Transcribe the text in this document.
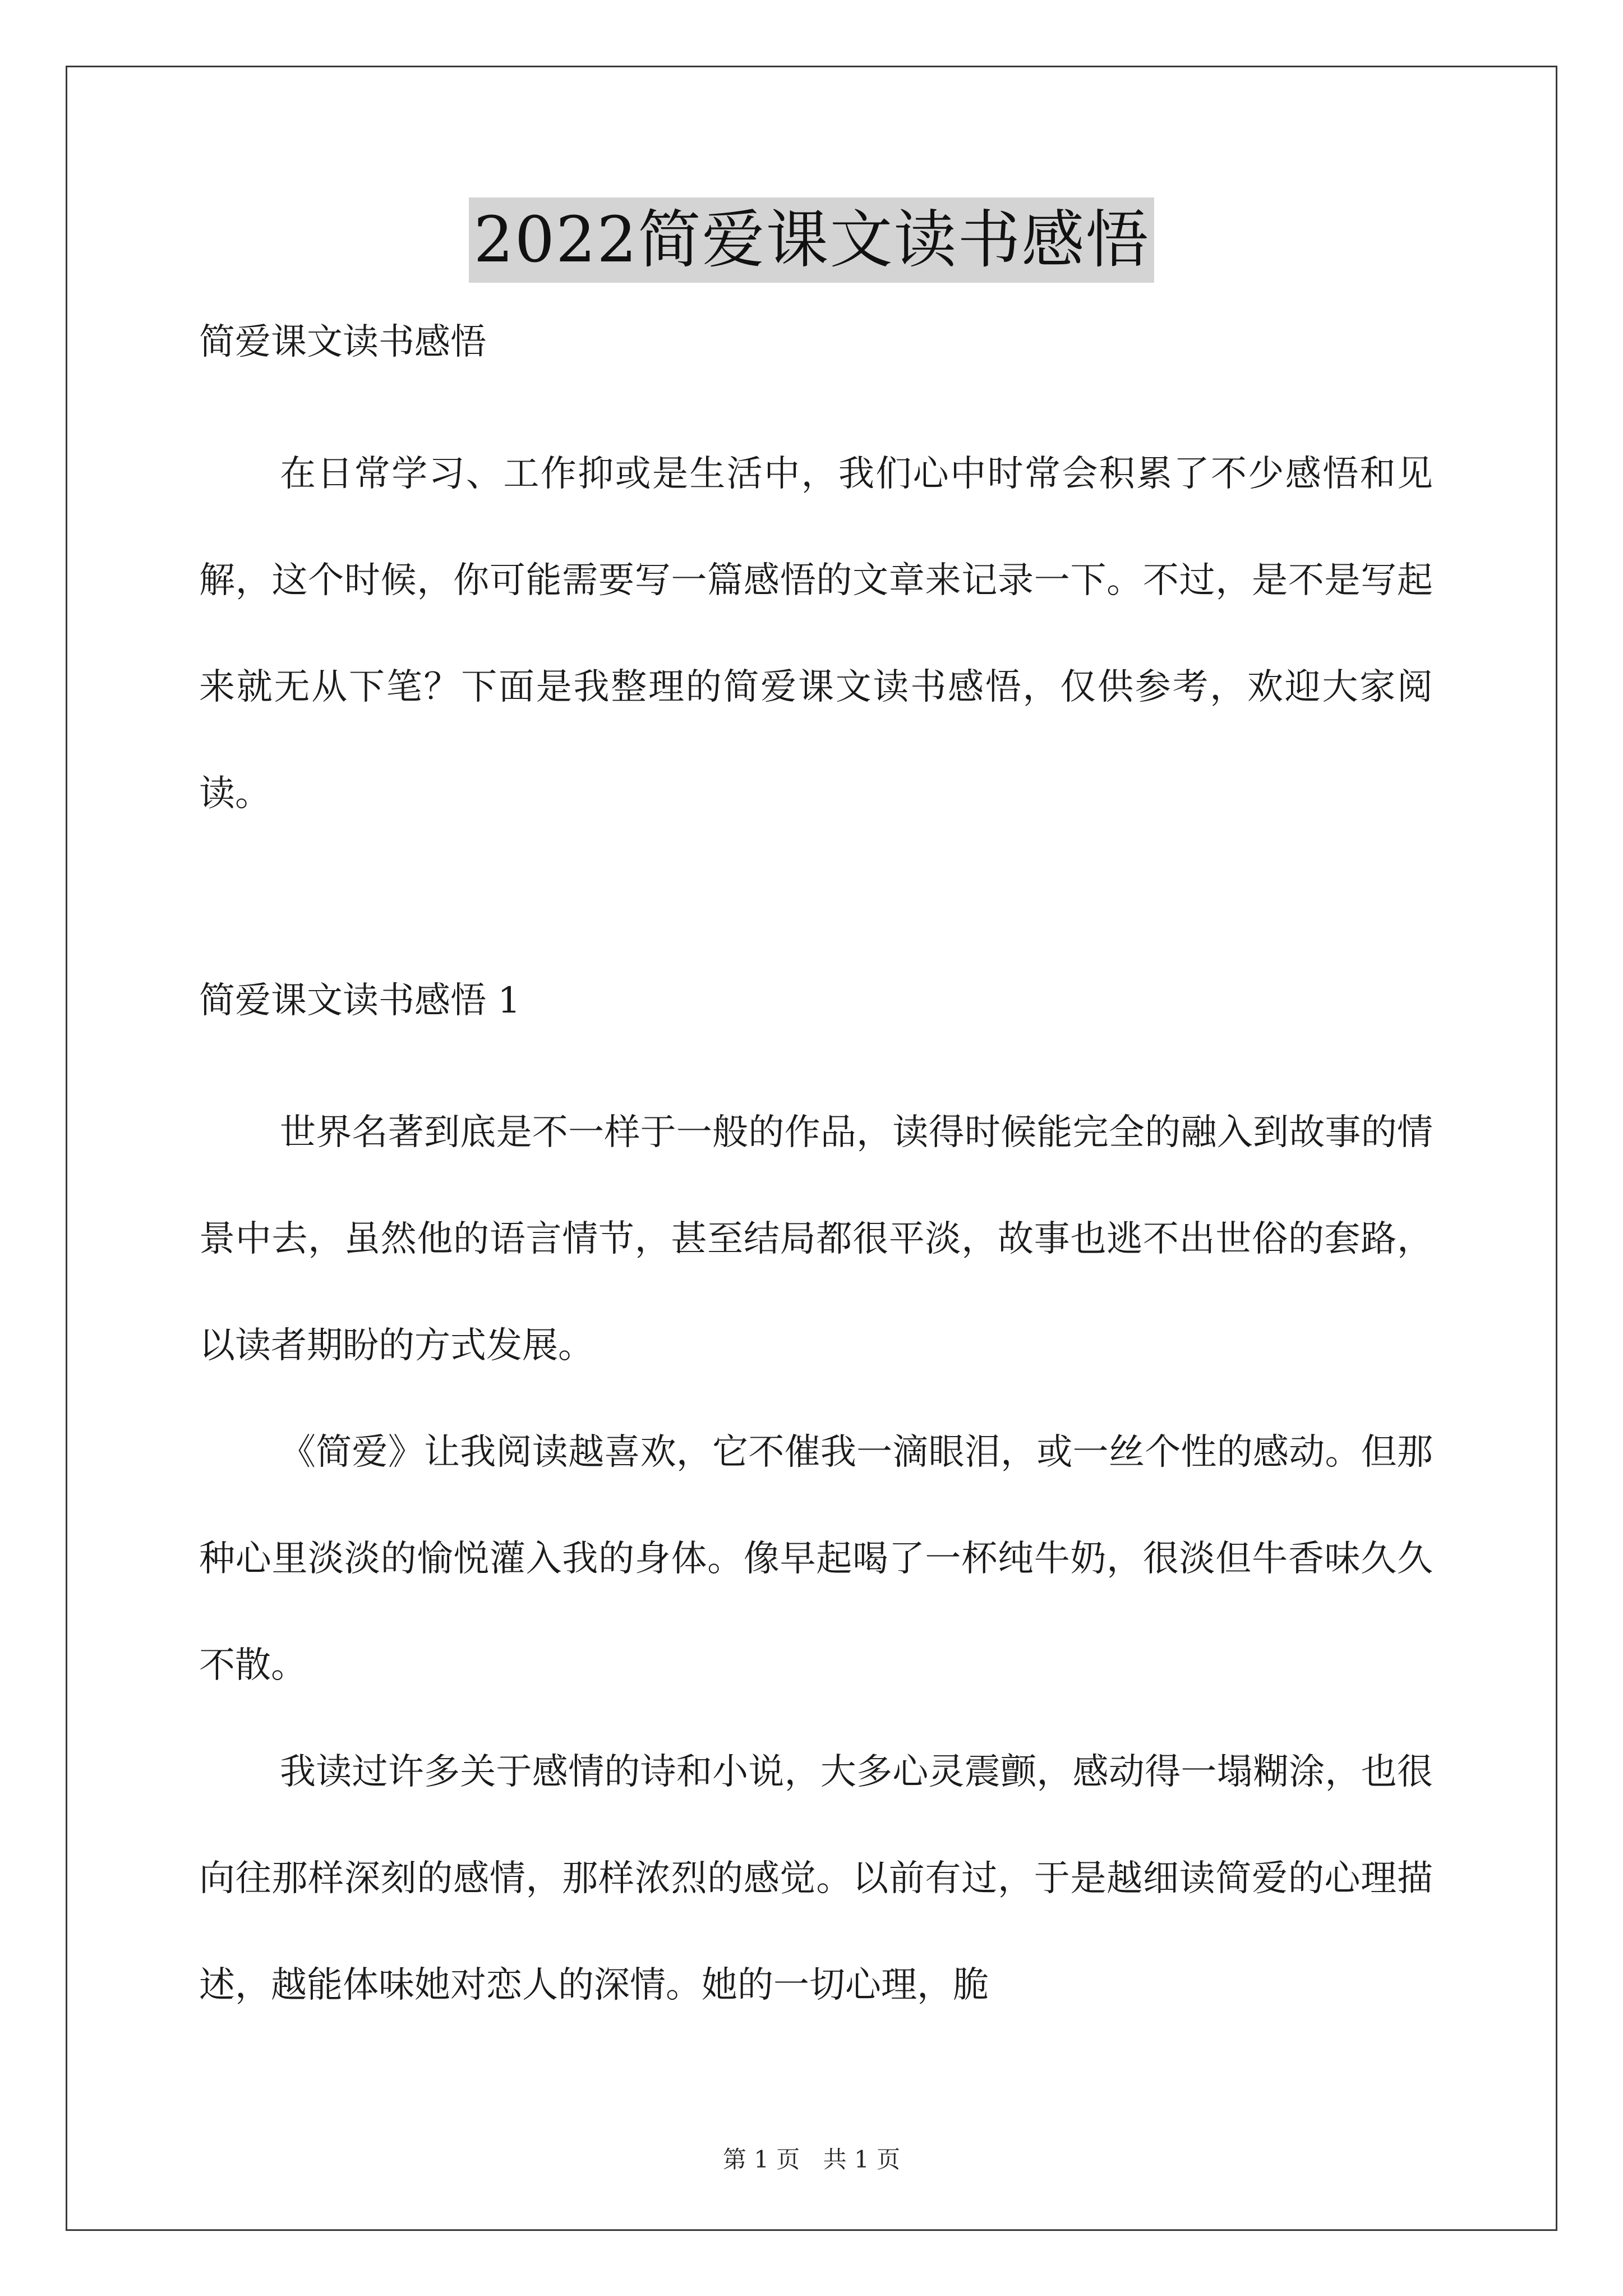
2022简爱课文读书感悟

简爱课文读书感悟

在日常学习、工作抑或是生活中，我们心中时常会积累了不少感悟和见解，这个时候，你可能需要写一篇感悟的文章来记录一下。不过，是不是写起来就无从下笔？下面是我整理的简爱课文读书感悟，仅供参考，欢迎大家阅读。

简爱课文读书感悟 1

世界名著到底是不一样于一般的作品，读得时候能完全的融入到故事的情景中去，虽然他的语言情节，甚至结局都很平淡，故事也逃不出世俗的套路，以读者期盼的方式发展。

《简爱》让我阅读越喜欢，它不催我一滴眼泪，或一丝个性的感动。但那种心里淡淡的愉悦灌入我的身体。像早起喝了一杯纯牛奶，很淡但牛香味久久不散。

我读过许多关于感情的诗和小说，大多心灵震颤，感动得一塌糊涂，也很向往那样深刻的感情，那样浓烈的感觉。以前有过，于是越细读简爱的心理描述，越能体味她对恋人的深情。她的一切心理，脆

第 1 页 共 1 页
